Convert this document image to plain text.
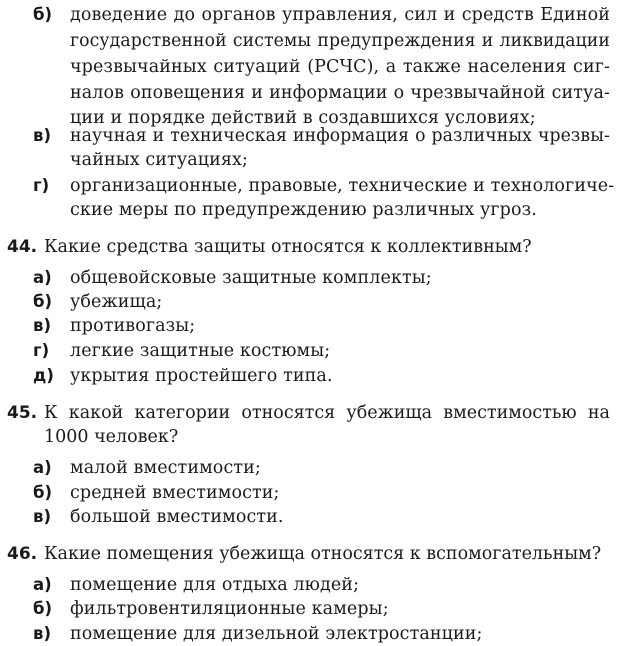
б) доведение до органов управления, сил и средств Единой
государственной системы предупреждения и ликвидации
чрезвычайных ситуаций (РСЧС), а также населения сиг-
налов оповещения и информации о чрезвычайной ситуа-
ции и порядке действий в создавшихся условиях;
в) научная и техническая информация о различных чрезвы-
чайных ситуациях;
г) организационные, правовые, технические и технологиче-
ские меры по предупреждению различных угроз.
44. Какие средства защиты относятся к коллективным?
а) общевойсковые защитные комплекты;
б) убежища;
в) противогазы;
г) легкие защитные костюмы;
д) укрытия простейшего типа.
45. К какой категории относятся убежища вместимостью на
1000 человек?
а) малой вместимости;
б) средней вместимости;
в) большой вместимости.
46. Какие помещения убежища относятся к вспомогательным?
а) помещение для отдыха людей;
б) фильтровентиляционные камеры;
в) помещение для дизельной электростанции;
